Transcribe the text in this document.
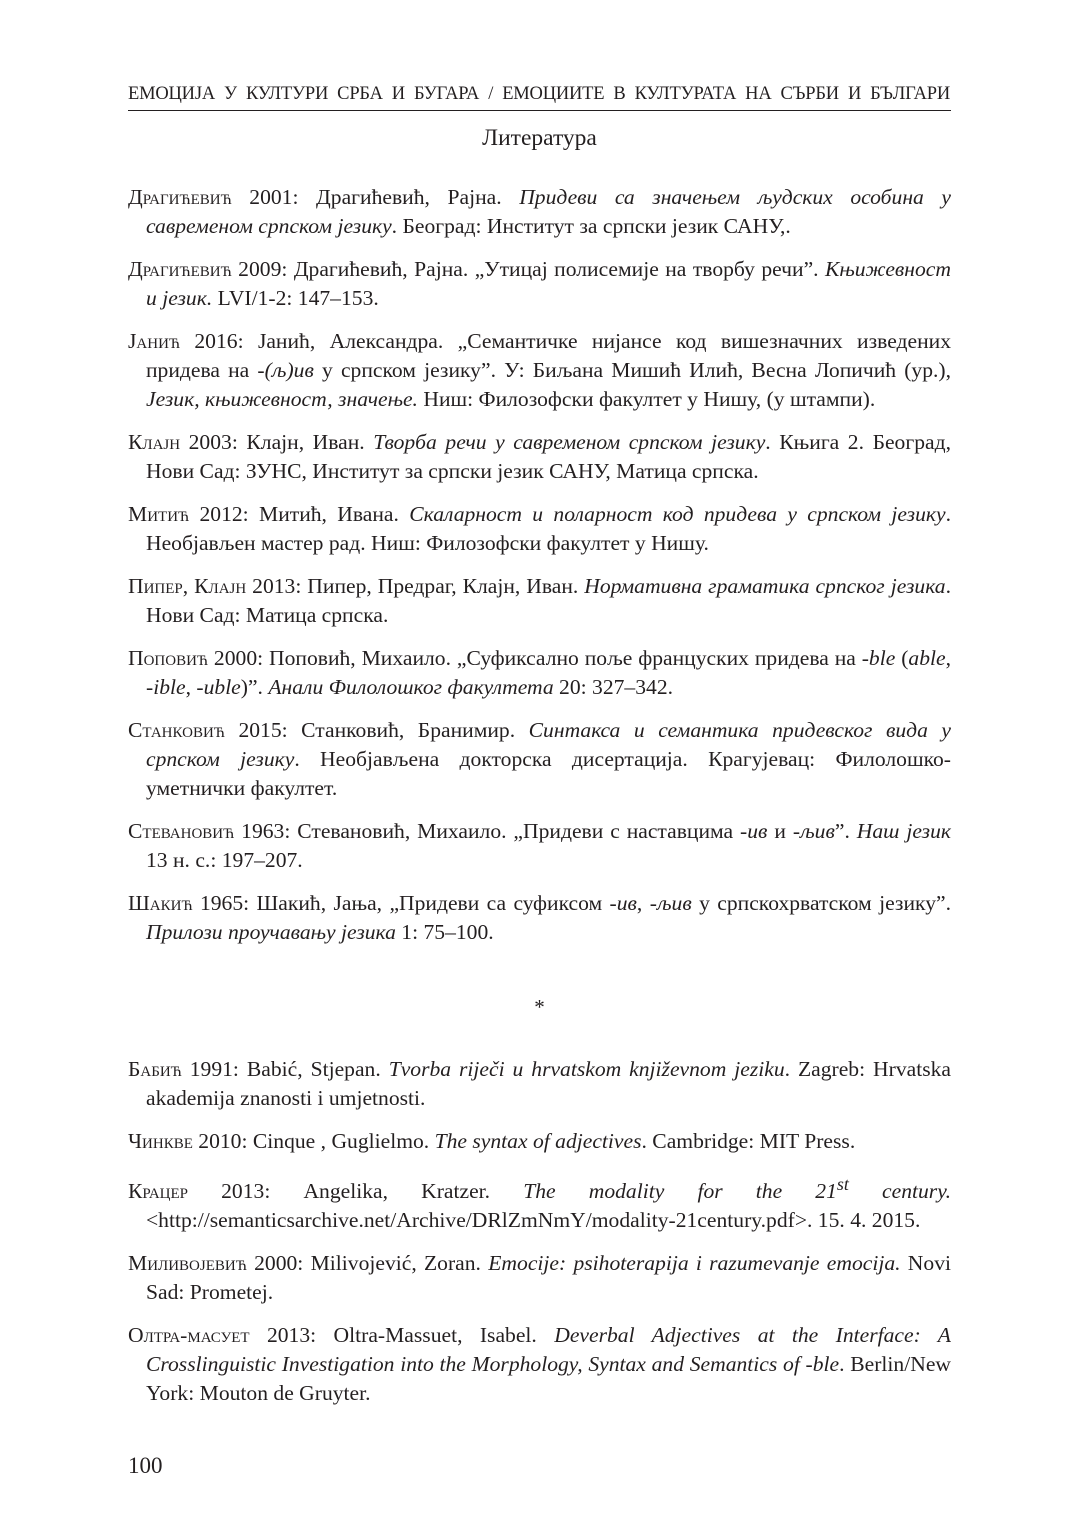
ЕМОЦИЈА У КУЛТУРИ СРБА И БУГАРА / ЕМОЦИИТЕ В КУЛТУРАТА НА СЪРБИ И БЪЛГАРИ
Литература
Драгићевић 2001: Драгићевић, Рајна. Придеви са значењем људских особина у савременом српском језику. Београд: Институт за српски језик САНУ,.
Драгићевић 2009: Драгићевић, Рајна. „Утицај полисемије на творбу речи”. Књижевност и језик. LVI/1-2: 147–153.
Јанић 2016: Јанић, Александра. „Семантичке нијансе код вишезначних изведених придева на -(љ)ив у српском језику”. У: Биљана Мишић Илић, Весна Лопичић (ур.), Језик, књижевност, значење. Ниш: Филозофски факултет у Нишу, (у штампи).
Клајн 2003: Клајн, Иван. Творба речи у савременом српском језику. Књига 2. Београд, Нови Сад: ЗУНС, Институт за српски језик САНУ, Матица српска.
Митић 2012: Митић, Ивана. Скаларност и поларност код придева у српском језику. Необјављен мастер рад. Ниш: Филозофски факултет у Нишу.
Пипер, Клајн 2013: Пипер, Предраг, Клајн, Иван. Нормативна граматика српског језика. Нови Сад: Матица српска.
Поповић 2000: Поповић, Михаило. „Суфиксално поље француских придева на -ble (able, -ible, -uble)”. Анали Филолошког факултета 20: 327–342.
Станковић 2015: Станковић, Бранимир. Синтакса и семантика придевског вида у српском језику. Необјављена докторска дисертација. Крагујевац: Филолошко-уметнички факултет.
Стевановић 1963: Стевановић, Михаило. „Придеви с наставцима -ив и -љив”. Наш језик 13 н. с.: 197–207.
Шакић 1965: Шакић, Јања, „Придеви са суфиксом -ив, -љив у српскохрватском језику”. Прилози проучавању језика 1: 75–100.
*
Бабић 1991: Babić, Stjepan. Tvorba riječi u hrvatskom književnom jeziku. Zagreb: Hrvatska akademija znanosti i umjetnosti.
Чинкве 2010: Cinque , Guglielmo. The syntax of adjectives. Cambridge: MIT Press.
Крацер 2013: Angelika, Kratzer. The modality for the 21st century. <http://semanticsarchive.net/Archive/DRlZmNmY/modality-21century.pdf>. 15. 4. 2015.
Миливојевић 2000: Milivojević, Zoran. Emocije: psihoterapija i razumevanje emocija. Novi Sad: Prometej.
Олтра-масует 2013: Oltra-Massuet, Isabel. Deverbal Adjectives at the Interface: A Crosslinguistic Investigation into the Morphology, Syntax and Semantics of -ble. Berlin/New York: Mouton de Gruyter.
100
